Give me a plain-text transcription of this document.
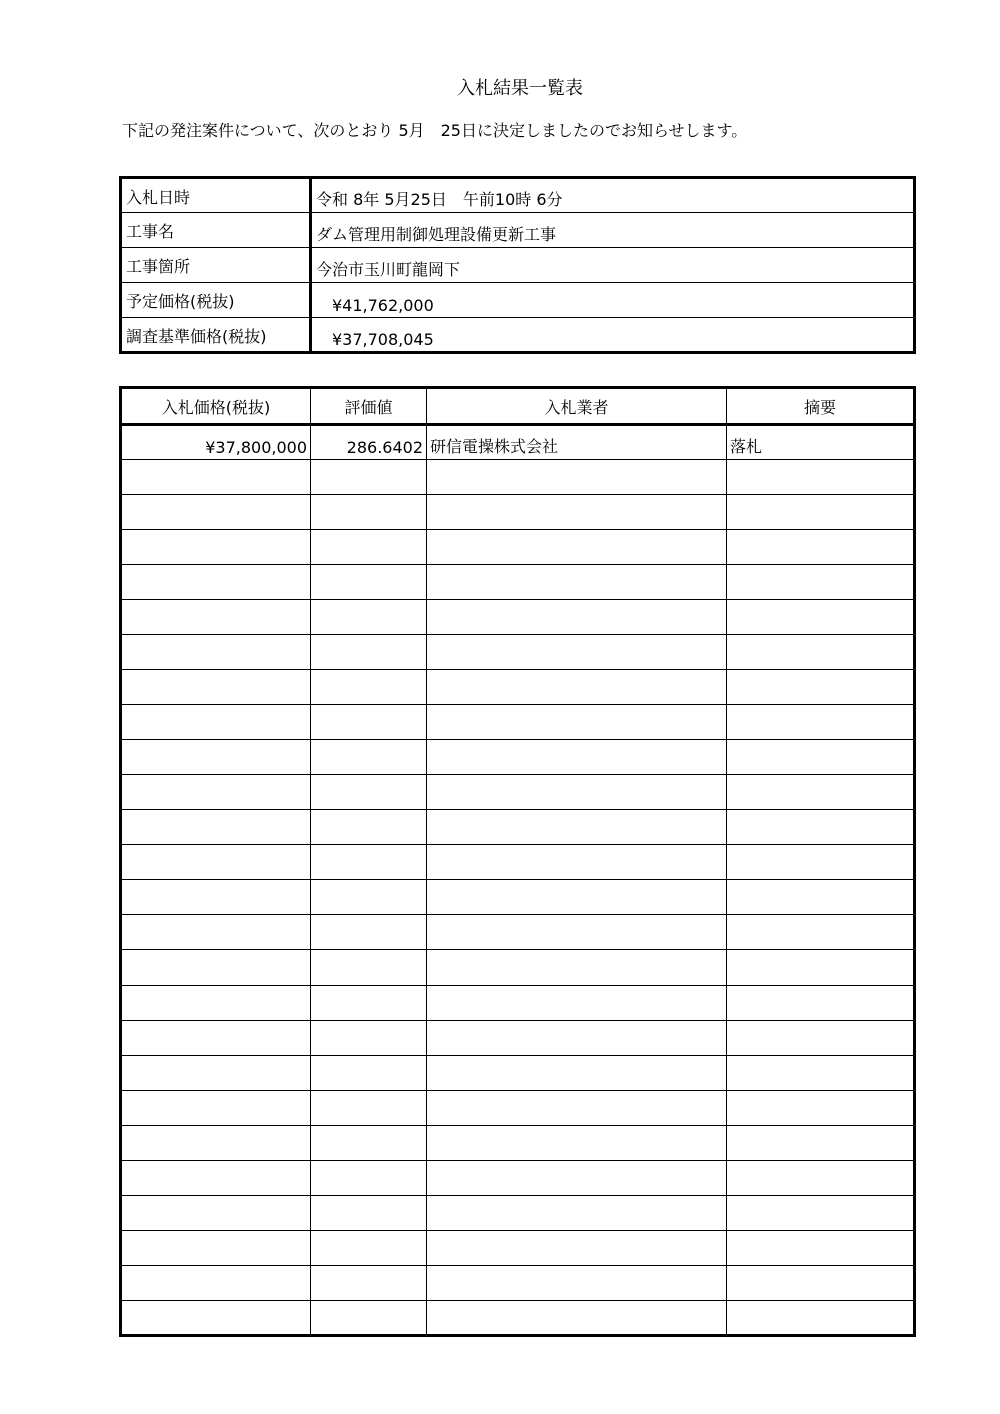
入札結果一覧表
下記の発注案件について、次のとおり 5月　25日に決定しましたのでお知らせします。
入札日時	令和 8年 5月25日　午前10時 6分
工事名	ダム管理用制御処理設備更新工事
工事箇所	今治市玉川町龍岡下
予定価格(税抜)	¥41,762,000
調査基準価格(税抜)	¥37,708,045
入札価格(税抜)	評価値	入札業者	摘要
¥37,800,000	286.6402	研信電操株式会社	落札
